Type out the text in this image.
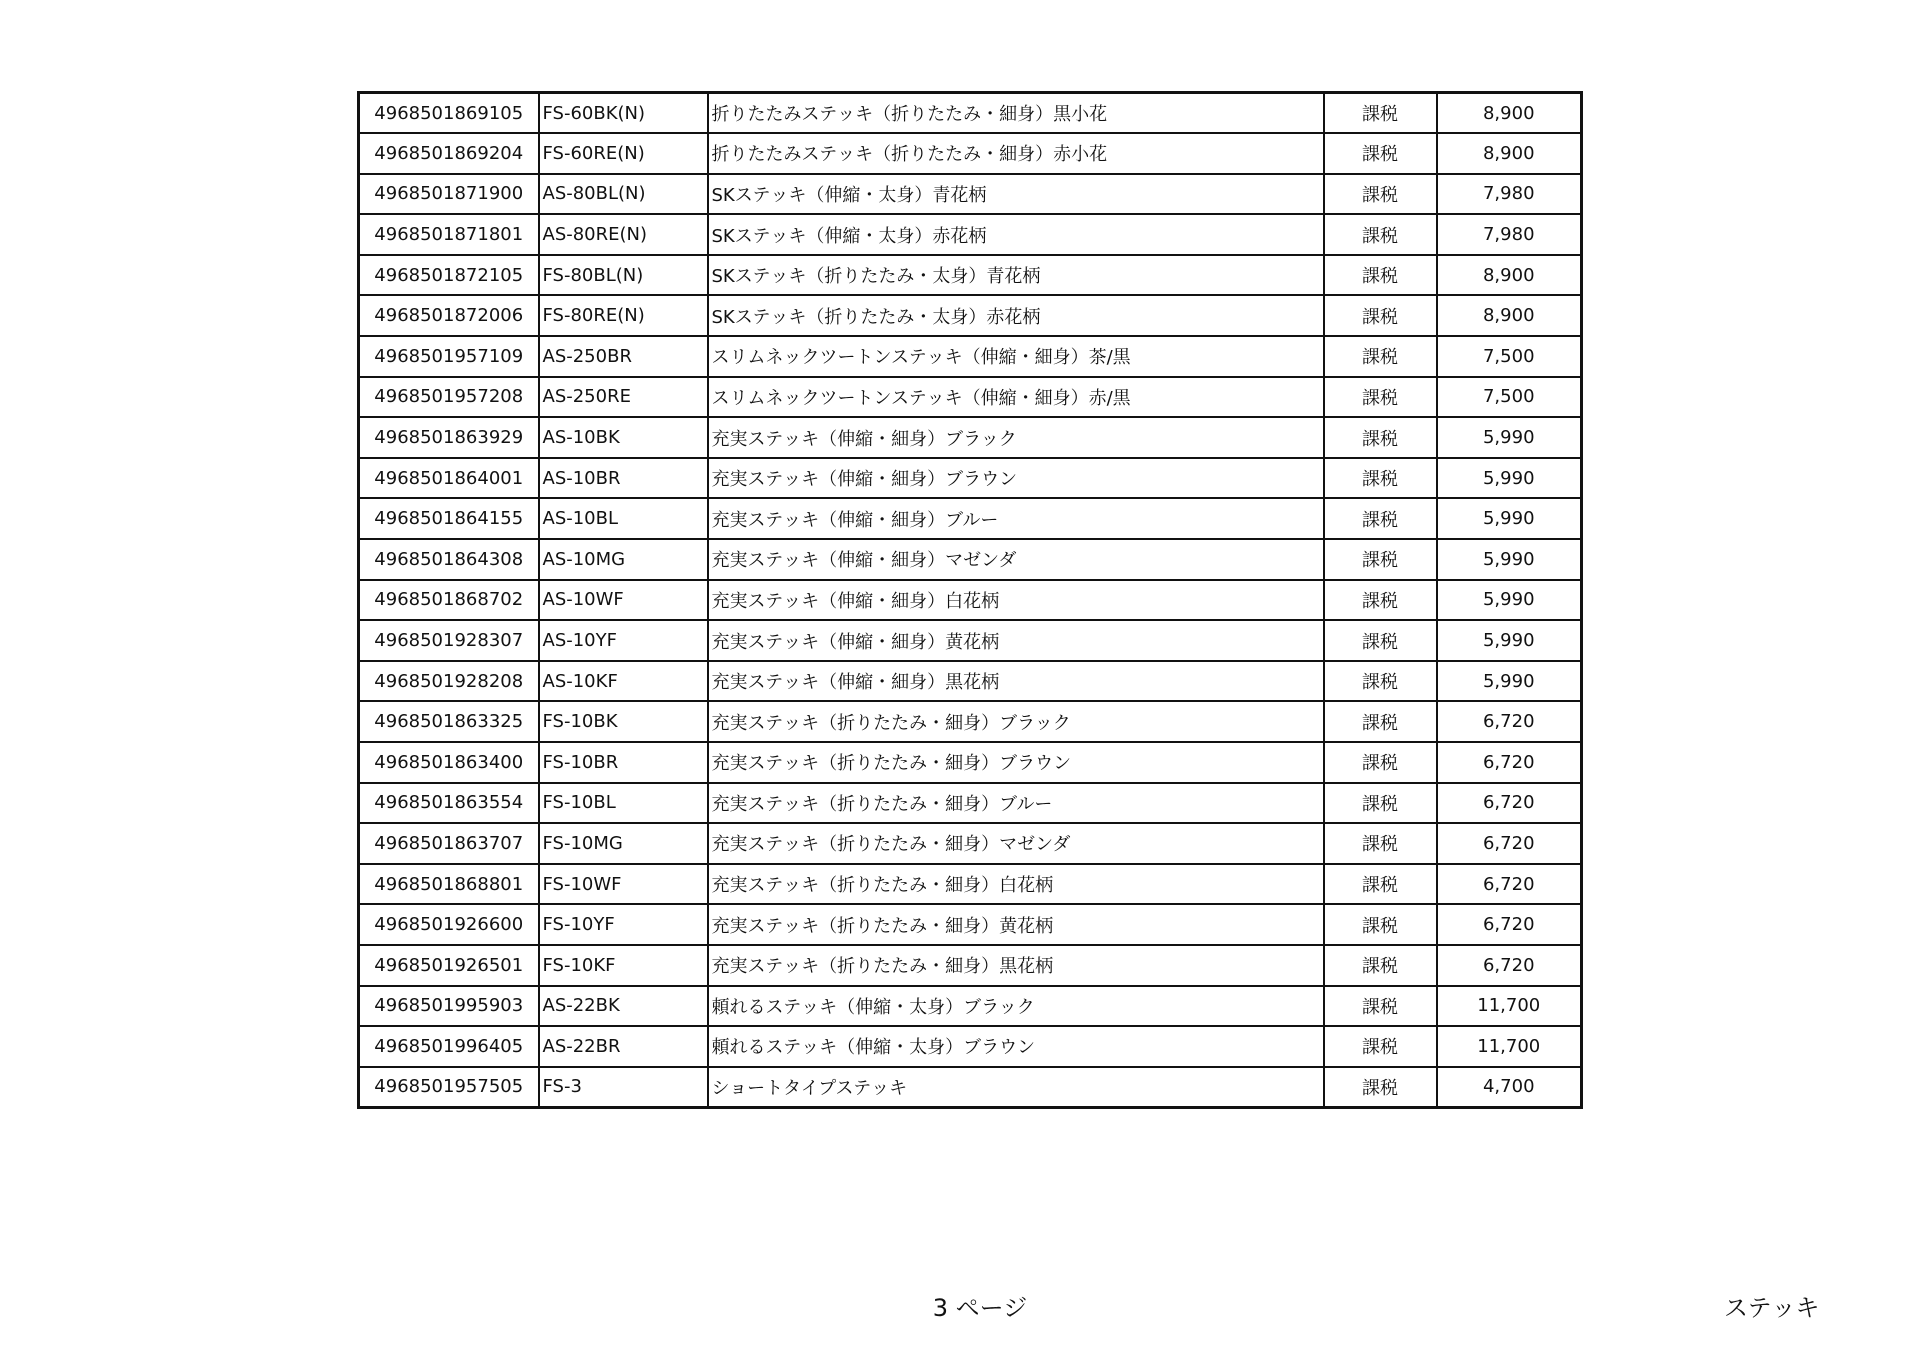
4968501869105	FS-60BK(N)	折りたたみステッキ（折りたたみ・細身）黒小花	課税	8,900
4968501869204	FS-60RE(N)	折りたたみステッキ（折りたたみ・細身）赤小花	課税	8,900
4968501871900	AS-80BL(N)	SKステッキ（伸縮・太身）青花柄	課税	7,980
4968501871801	AS-80RE(N)	SKステッキ（伸縮・太身）赤花柄	課税	7,980
4968501872105	FS-80BL(N)	SKステッキ（折りたたみ・太身）青花柄	課税	8,900
4968501872006	FS-80RE(N)	SKステッキ（折りたたみ・太身）赤花柄	課税	8,900
4968501957109	AS-250BR	スリムネックツートンステッキ（伸縮・細身）茶/黒	課税	7,500
4968501957208	AS-250RE	スリムネックツートンステッキ（伸縮・細身）赤/黒	課税	7,500
4968501863929	AS-10BK	充実ステッキ（伸縮・細身）ブラック	課税	5,990
4968501864001	AS-10BR	充実ステッキ（伸縮・細身）ブラウン	課税	5,990
4968501864155	AS-10BL	充実ステッキ（伸縮・細身）ブルー	課税	5,990
4968501864308	AS-10MG	充実ステッキ（伸縮・細身）マゼンダ	課税	5,990
4968501868702	AS-10WF	充実ステッキ（伸縮・細身）白花柄	課税	5,990
4968501928307	AS-10YF	充実ステッキ（伸縮・細身）黄花柄	課税	5,990
4968501928208	AS-10KF	充実ステッキ（伸縮・細身）黒花柄	課税	5,990
4968501863325	FS-10BK	充実ステッキ（折りたたみ・細身）ブラック	課税	6,720
4968501863400	FS-10BR	充実ステッキ（折りたたみ・細身）ブラウン	課税	6,720
4968501863554	FS-10BL	充実ステッキ（折りたたみ・細身）ブルー	課税	6,720
4968501863707	FS-10MG	充実ステッキ（折りたたみ・細身）マゼンダ	課税	6,720
4968501868801	FS-10WF	充実ステッキ（折りたたみ・細身）白花柄	課税	6,720
4968501926600	FS-10YF	充実ステッキ（折りたたみ・細身）黄花柄	課税	6,720
4968501926501	FS-10KF	充実ステッキ（折りたたみ・細身）黒花柄	課税	6,720
4968501995903	AS-22BK	頼れるステッキ（伸縮・太身）ブラック	課税	11,700
4968501996405	AS-22BR	頼れるステッキ（伸縮・太身）ブラウン	課税	11,700
4968501957505	FS-3	ショートタイプステッキ	課税	4,700
3 ページ	ステッキ
